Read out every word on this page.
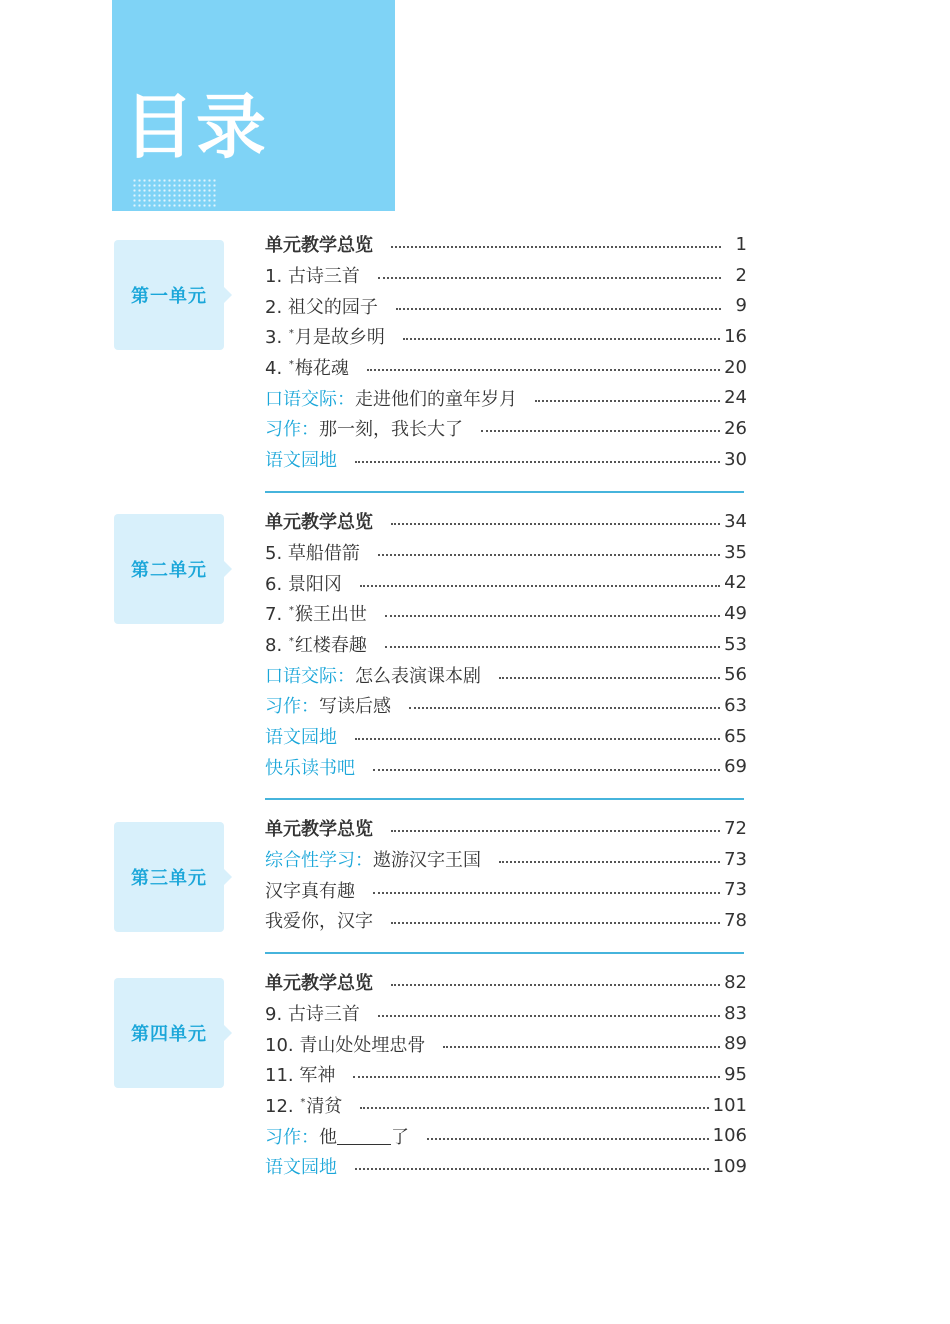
目录
第一单元
第二单元
第三单元
第四单元
单元教学总览	1
1. 古诗三首	2
2. 祖父的园子	9
3. *月是故乡明	16
4. *梅花魂	20
口语交际：走进他们的童年岁月	24
习作：那一刻，我长大了	26
语文园地	30
单元教学总览	34
5. 草船借箭	35
6. 景阳冈	42
7. *猴王出世	49
8. *红楼春趣	53
口语交际：怎么表演课本剧	56
习作：写读后感	63
语文园地	65
快乐读书吧	69
单元教学总览	72
综合性学习：遨游汉字王国	73
汉字真有趣	73
我爱你，汉字	78
单元教学总览	82
9. 古诗三首	83
10. 青山处处埋忠骨	89
11. 军神	95
12. *清贫	101
习作：他	了	106
语文园地	109
